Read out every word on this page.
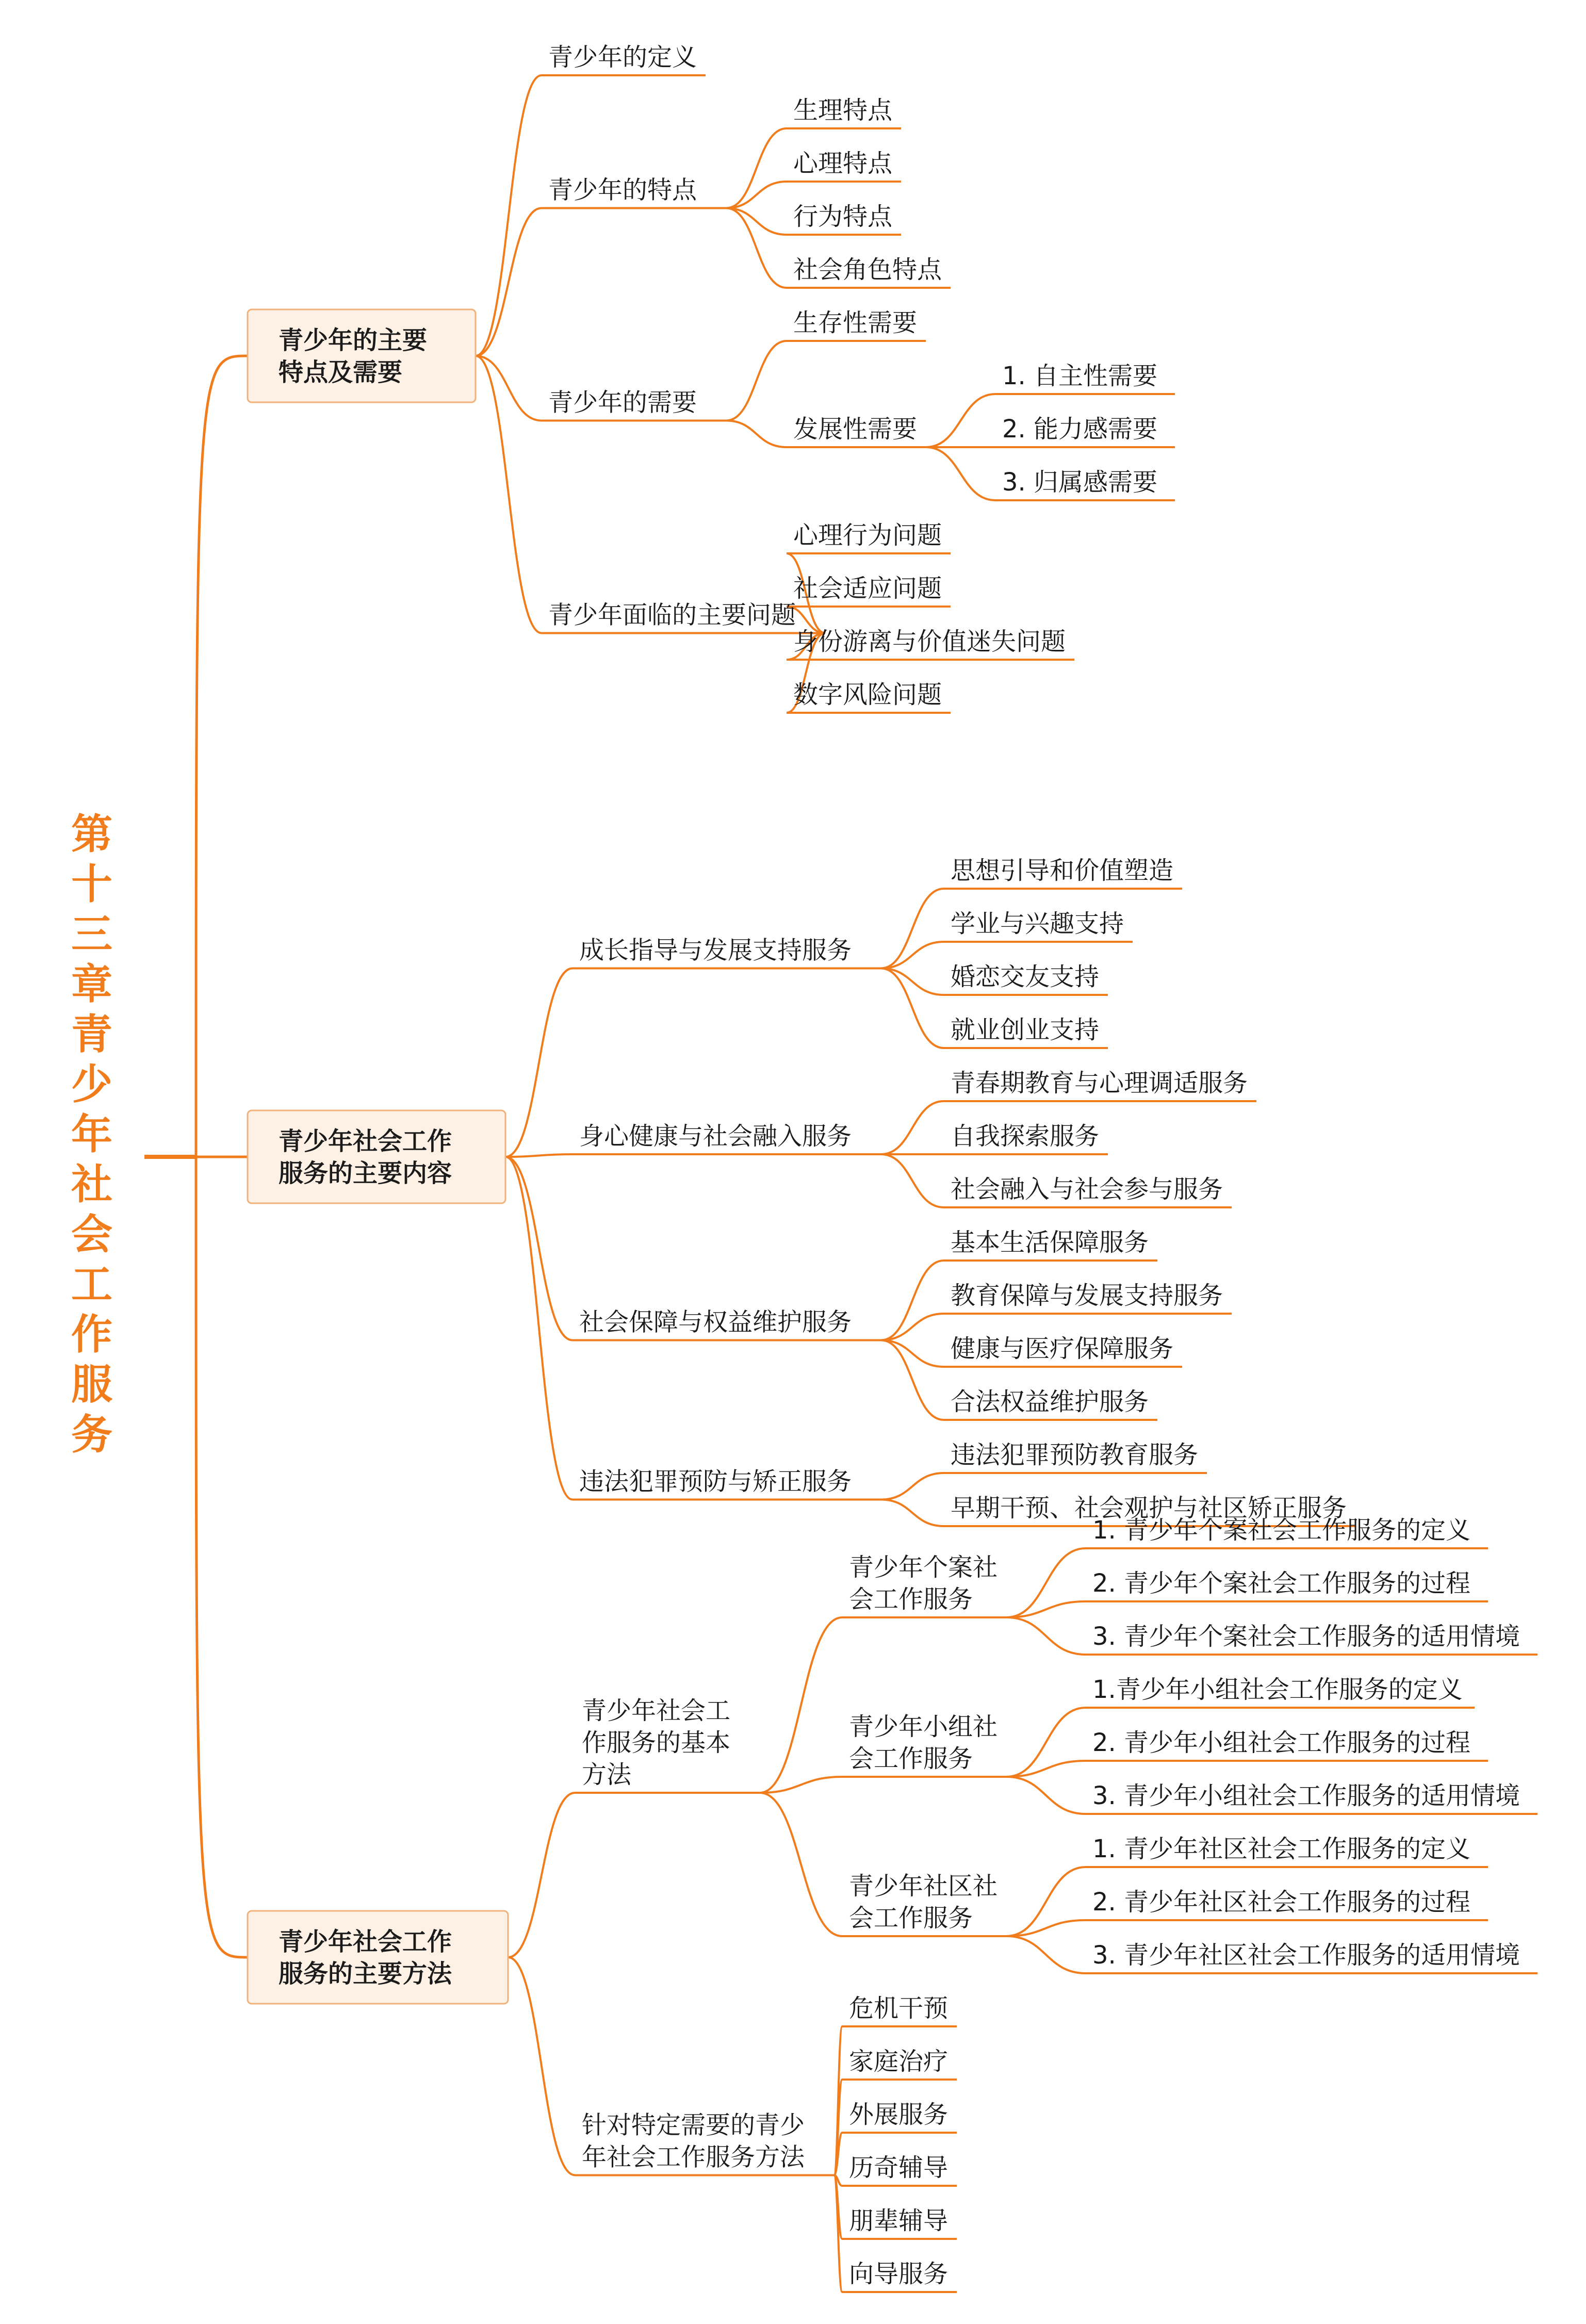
第十三章青少年社会工作服务
青少年的主要特点及需要
青少年的定义
青少年的特点
生理特点
心理特点
行为特点
社会角色特点
青少年的需要
生存性需要
发展性需要
1. 自主性需要
2. 能力感需要
3. 归属感需要
青少年面临的主要问题
心理行为问题
社会适应问题
身份游离与价值迷失问题
数字风险问题
青少年社会工作服务的主要内容
成长指导与发展支持服务
思想引导和价值塑造
学业与兴趣支持
婚恋交友支持
就业创业支持
身心健康与社会融入服务
青春期教育与心理调适服务
自我探索服务
社会融入与社会参与服务
社会保障与权益维护服务
基本生活保障服务
教育保障与发展支持服务
健康与医疗保障服务
合法权益维护服务
违法犯罪预防与矫正服务
违法犯罪预防教育服务
早期干预、社会观护与社区矫正服务
青少年社会工作服务的主要方法
青少年社会工作服务的基本方法
青少年个案社会工作服务
1. 青少年个案社会工作服务的定义
2. 青少年个案社会工作服务的过程
3. 青少年个案社会工作服务的适用情境
青少年小组社会工作服务
1.青少年小组社会工作服务的定义
2. 青少年小组社会工作服务的过程
3. 青少年小组社会工作服务的适用情境
青少年社区社会工作服务
1. 青少年社区社会工作服务的定义
2. 青少年社区社会工作服务的过程
3. 青少年社区社会工作服务的适用情境
针对特定需要的青少年社会工作服务方法
危机干预
家庭治疗
外展服务
历奇辅导
朋辈辅导
向导服务
